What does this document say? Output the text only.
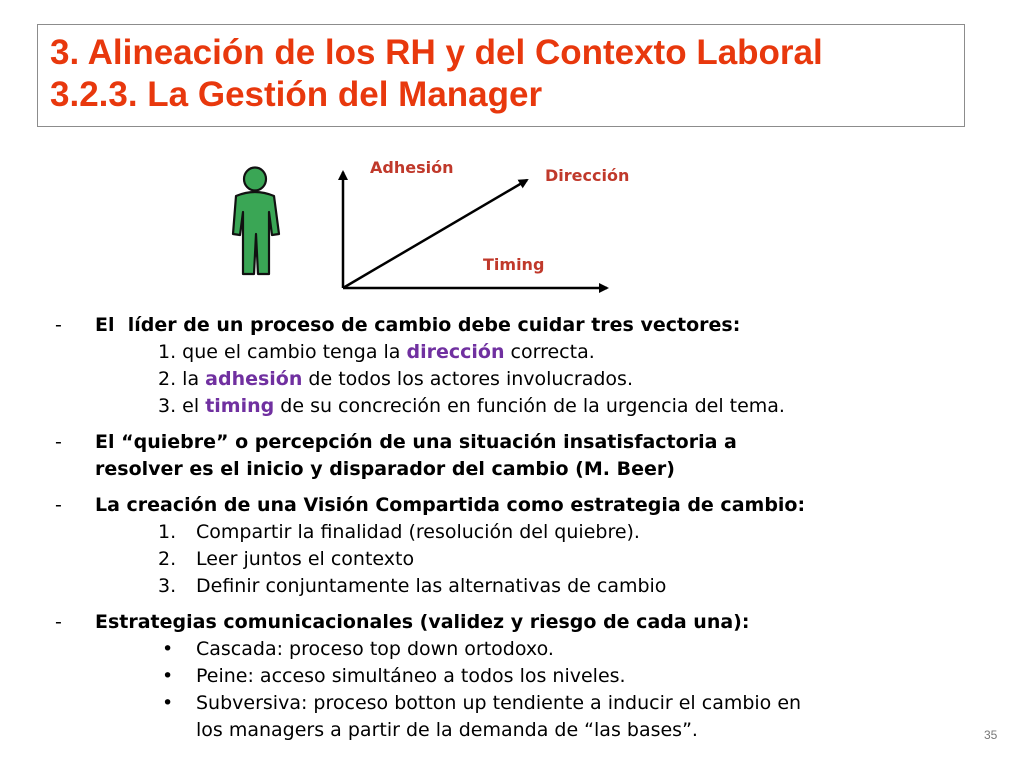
3. Alineación de los RH y del Contexto Laboral
3.2.3. La Gestión del Manager
Adhesión	Dirección
Timing
-	El  líder de un proceso de cambio debe cuidar tres vectores:
1. que el cambio tenga la dirección correcta.
2. la adhesión de todos los actores involucrados.
3. el timing de su concreción en función de la urgencia del tema.
-	El “quiebre” o percepción de una situación insatisfactoria a
resolver es el inicio y disparador del cambio (M. Beer)
-	La creación de una Visión Compartida como estrategia de cambio:
1.	Compartir la finalidad (resolución del quiebre).
2.	Leer juntos el contexto
3.	Definir conjuntamente las alternativas de cambio
-	Estrategias comunicacionales (validez y riesgo de cada una):
•	Cascada: proceso top down ortodoxo.
•	Peine: acceso simultáneo a todos los niveles.
•	Subversiva: proceso botton up tendiente a inducir el cambio en
los managers a partir de la demanda de “las bases”.	35
